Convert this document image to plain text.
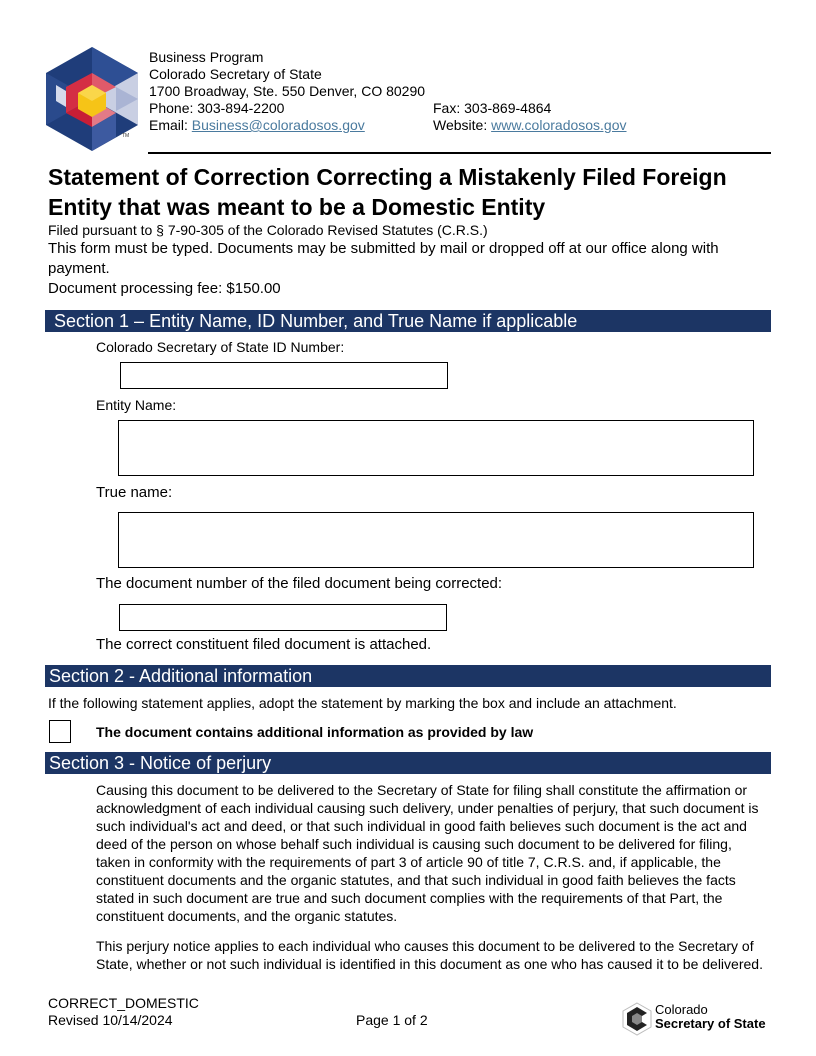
TM
Business Program
Colorado Secretary of State
1700 Broadway, Ste. 550 Denver, CO 80290
Phone: 303-894-2200	Fax: 303-869-4864
Email: Business@coloradosos.gov	Website: www.coloradosos.gov
Statement of Correction Correcting a Mistakenly Filed Foreign
Entity that was meant to be a Domestic Entity
Filed pursuant to § 7-90-305 of the Colorado Revised Statutes (C.R.S.)
This form must be typed. Documents may be submitted by mail or dropped off at our office along with
payment.
Document processing fee: $150.00
Section 1 – Entity Name, ID Number, and True Name if applicable
Colorado Secretary of State ID Number:
Entity Name:
True name:
The document number of the filed document being corrected:
The correct constituent filed document is attached.
Section 2 - Additional information
If the following statement applies, adopt the statement by marking the box and include an attachment.
The document contains additional information as provided by law
Section 3 - Notice of perjury
Causing this document to be delivered to the Secretary of State for filing shall constitute the affirmation or acknowledgment of each individual causing such delivery, under penalties of perjury, that such document is such individual's act and deed, or that such individual in good faith believes such document is the act and deed of the person on whose behalf such individual is causing such document to be delivered for filing, taken in conformity with the requirements of part 3 of article 90 of title 7, C.R.S. and, if applicable, the constituent documents and the organic statutes, and that such individual in good faith believes the facts stated in such document are true and such document complies with the requirements of that Part, the constituent documents, and the organic statutes.
This perjury notice applies to each individual who causes this document to be delivered to the Secretary of State, whether or not such individual is identified in this document as one who has caused it to be delivered.
CORRECT_DOMESTIC
Revised 10/14/2024	Page 1 of 2
Colorado
Secretary of State
